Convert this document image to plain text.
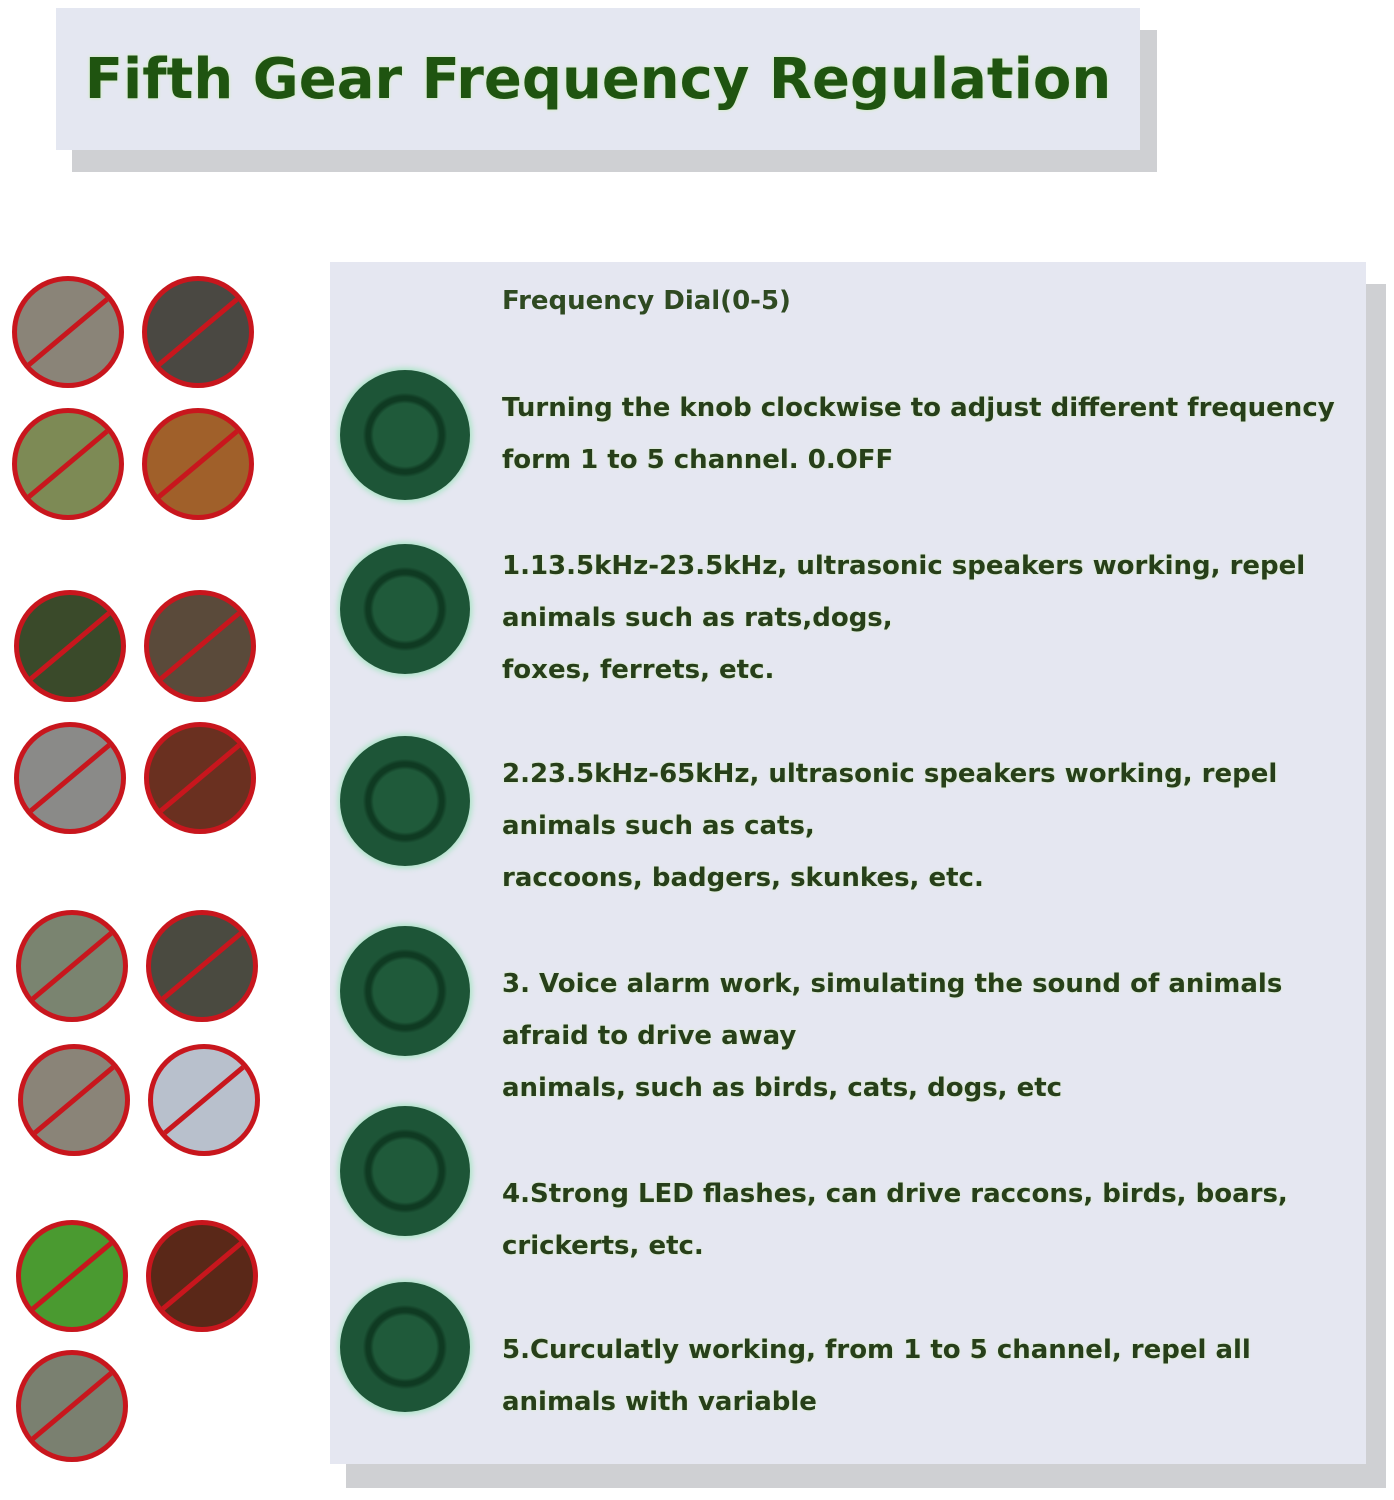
Fifth Gear Frequency Regulation
Frequency Dial(0-5)
Turning the knob clockwise to adjust different frequency
form 1 to 5 channel. 0.OFF
1.13.5kHz-23.5kHz, ultrasonic speakers working, repel
animals such as rats,dogs,
foxes, ferrets, etc.
2.23.5kHz-65kHz, ultrasonic speakers working, repel
animals such as cats,
raccoons, badgers, skunkes, etc.
3. Voice alarm work, simulating the sound of animals
afraid to drive away
animals, such as birds, cats, dogs, etc
4.Strong LED flashes, can drive raccons, birds, boars,
crickerts, etc.
5.Curculatly working, from 1 to 5 channel, repel all
animals with variable
